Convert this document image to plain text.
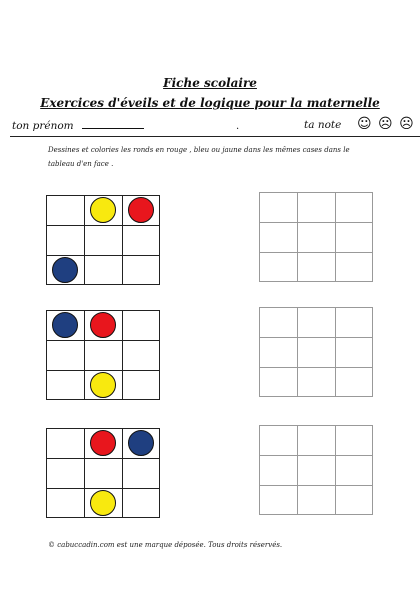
Fiche scolaire
Exercices d'éveils et de logique pour la maternelle
ton prénom	.	ta note ☺ ☹ ☹
Dessines et colories les ronds en rouge , bleu ou jaune dans les mêmes cases dans le tableau d'en face .
© cabuccadin.com est une marque déposée. Tous droits réservés.
